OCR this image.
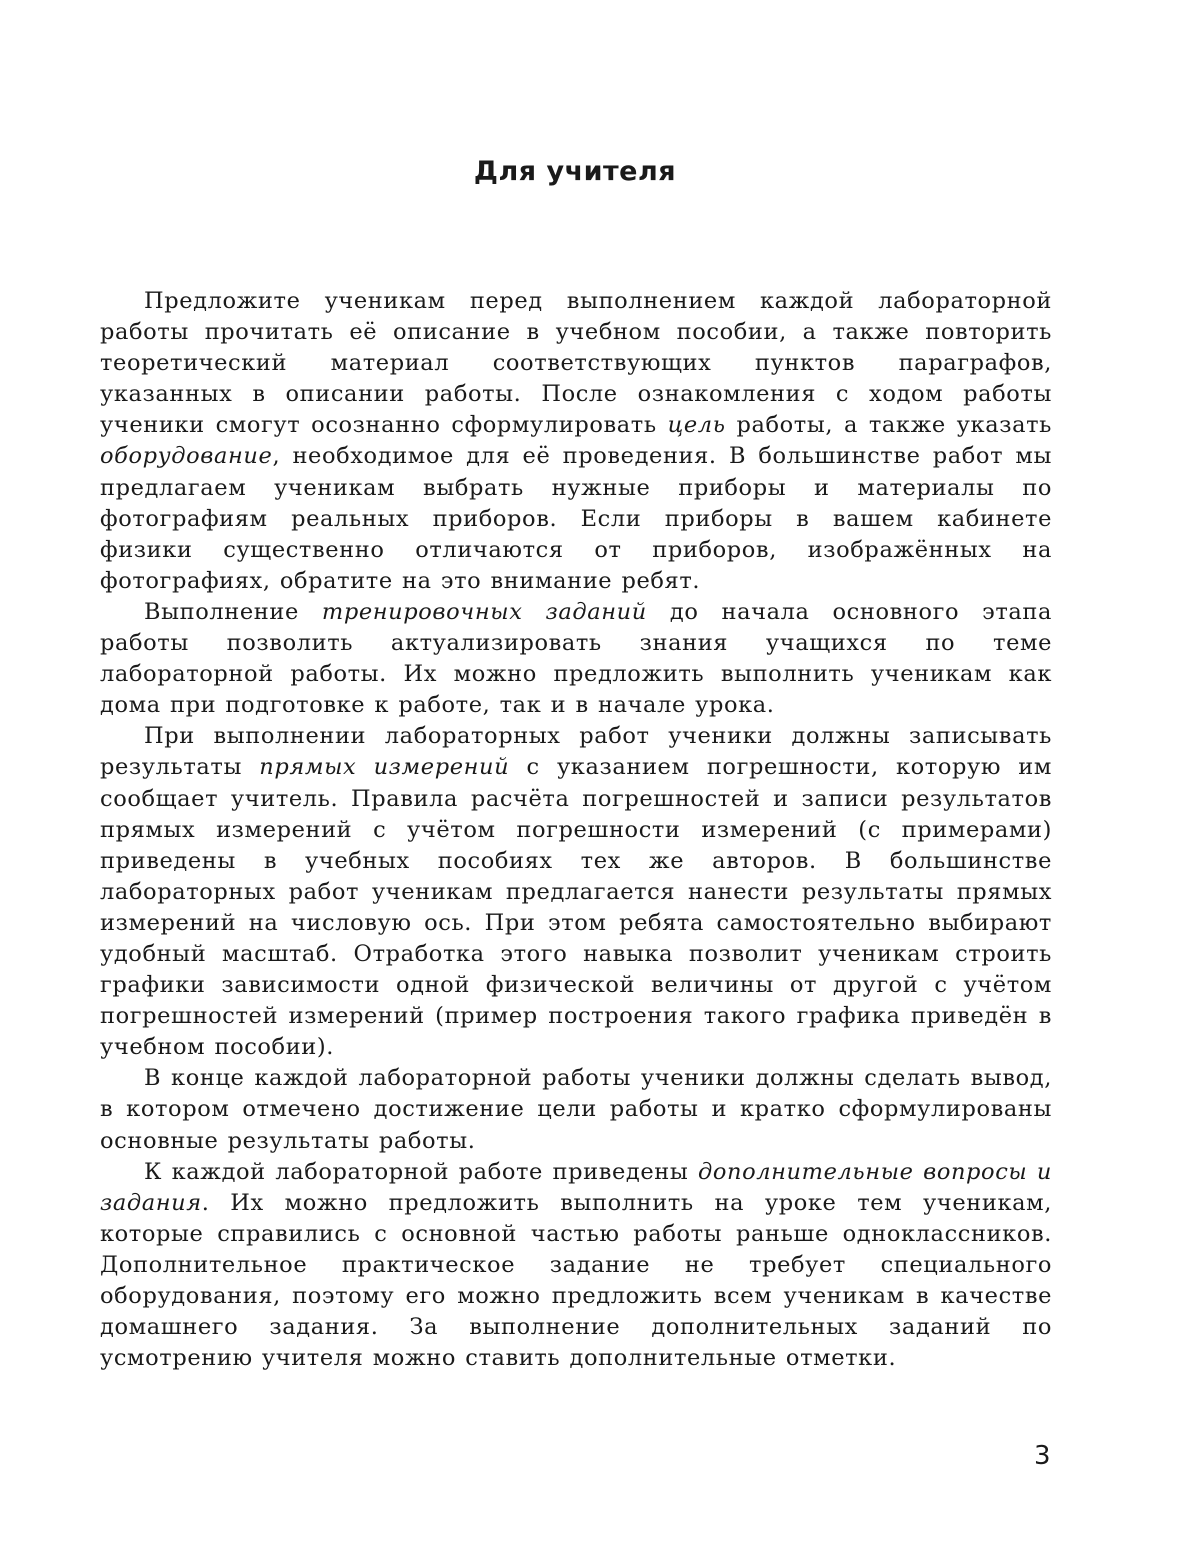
Для учителя

Предложите ученикам перед выполнением каждой лабораторной работы прочитать её описание в учебном пособии, а также повторить теоретический материал соответствующих пунктов параграфов, указанных в описании работы. После ознакомления с ходом работы ученики смогут осознанно сформулировать цель работы, а также указать оборудование, необходимое для её проведения. В большинстве работ мы предлагаем ученикам выбрать нужные приборы и материалы по фотографиям реальных приборов. Если приборы в вашем кабинете физики существенно отличаются от приборов, изображённых на фотографиях, обратите на это внимание ребят.

Выполнение тренировочных заданий до начала основного этапа работы позволить актуализировать знания учащихся по теме лабораторной работы. Их можно предложить выполнить ученикам как дома при подготовке к работе, так и в начале урока.

При выполнении лабораторных работ ученики должны записывать результаты прямых измерений с указанием погрешности, которую им сообщает учитель. Правила расчёта погрешностей и записи результатов прямых измерений с учётом погрешности измерений (с примерами) приведены в учебных пособиях тех же авторов. В большинстве лабораторных работ ученикам предлагается нанести результаты прямых измерений на числовую ось. При этом ребята самостоятельно выбирают удобный масштаб. Отработка этого навыка позволит ученикам строить графики зависимости одной физической величины от другой с учётом погрешностей измерений (пример построения такого графика приведён в учебном пособии).

В конце каждой лабораторной работы ученики должны сделать вывод, в котором отмечено достижение цели работы и кратко сформулированы основные результаты работы.

К каждой лабораторной работе приведены дополнительные вопросы и задания. Их можно предложить выполнить на уроке тем ученикам, которые справились с основной частью работы раньше одноклассников. Дополнительное практическое задание не требует специального оборудования, поэтому его можно предложить всем ученикам в качестве домашнего задания. За выполнение дополнительных заданий по усмотрению учителя можно ставить дополнительные отметки.

3
